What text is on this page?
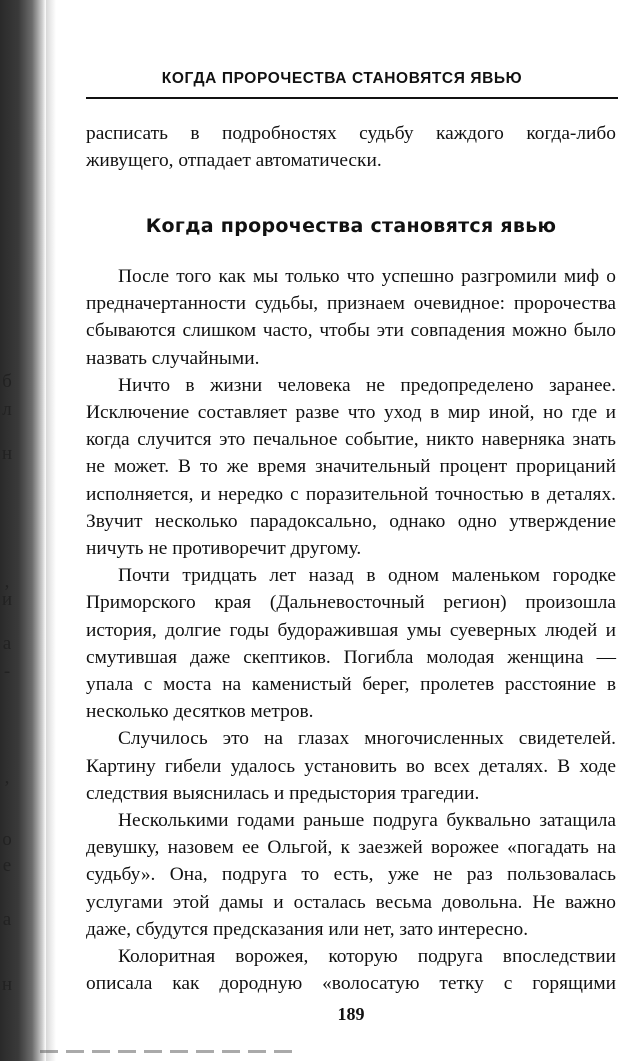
б
л
н
,
и
а
-
,
о
е
а
н
КОГДА ПРОРОЧЕСТВА СТАНОВЯТСЯ ЯВЬЮ

расписать в подробностях судьбу каждого когда-либо

живущего, отпадает автоматически.

Когда пророчества становятся явью

После того как мы только что успешно разгромили миф о предначертанности судьбы, признаем очевидное: пророчества сбываются слишком часто, чтобы эти совпадения можно было назвать случайными.

Ничто в жизни человека не предопределено заранее. Исключение составляет разве что уход в мир иной, но где и когда случится это печальное событие, никто наверняка знать не может. В то же время значительный процент прорицаний исполняется, и нередко с поразительной точностью в деталях. Звучит несколько парадоксально, однако одно утверждение ничуть не противоречит другому.

Почти тридцать лет назад в одном маленьком городке Приморского края (Дальневосточный регион) произошла история, долгие годы будоражившая умы суеверных людей и смутившая даже скептиков. Погибла молодая женщина — упала с моста на каменистый берег, пролетев расстояние в несколько десятков метров.

Случилось это на глазах многочисленных свидетелей. Картину гибели удалось установить во всех деталях. В ходе следствия выяснилась и предыстория трагедии.

Несколькими годами раньше подруга буквально затащила девушку, назовем ее Ольгой, к заезжей ворожее «погадать на судьбу». Она, подруга то есть, уже не раз пользовалась услугами этой дамы и осталась весьма довольна. Не важно даже, сбудутся предсказания или нет, зато интересно.

Колоритная ворожея, которую подруга впоследствии описала как дородную «волосатую тетку с горящими

189
